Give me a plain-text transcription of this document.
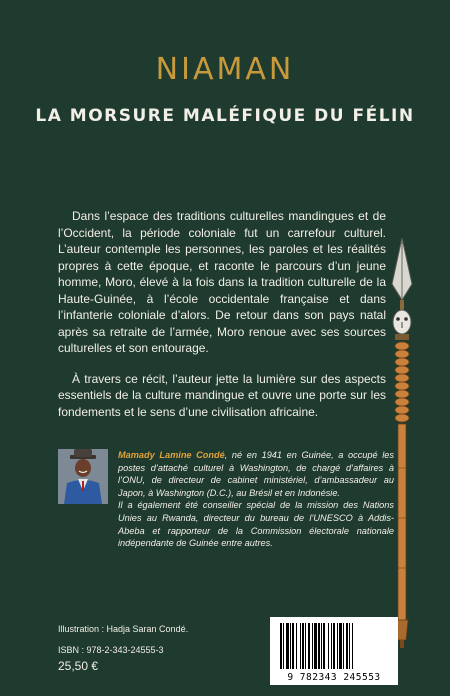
NIAMAN
LA MORSURE MALÉFIQUE DU FÉLIN

Dans l’espace des traditions culturelles mandingues et de l’Occident, la période coloniale fut un carrefour culturel. L’auteur contemple les personnes, les paroles et les réalités propres à cette époque, et raconte le parcours d’un jeune homme, Moro, élevé à la fois dans la tradition culturelle de la Haute-Guinée, à l’école occidentale française et dans l’infanterie coloniale d’alors. De retour dans son pays natal après sa retraite de l’armée, Moro renoue avec ses sources culturelles et son entourage.

À travers ce récit, l’auteur jette la lumière sur des aspects essentiels de la culture mandingue et ouvre une porte sur les fondements et le sens d’une civilisation africaine.

Mamady Lamine Condé, né en 1941 en Guinée, a occupé les postes d’attaché culturel à Washington, de chargé d’affaires à l’ONU, de directeur de cabinet ministériel, d’ambassadeur au Japon, à Washington (D.C.), au Brésil et en Indonésie.
Il a également été conseiller spécial de la mission des Nations Unies au Rwanda, directeur du bureau de l’UNESCO à Addis-Abeba et rapporteur de la Commission électorale nationale indépendante de Guinée entre autres.
Illustration : Hadja Saran Condé.
ISBN : 978-2-343-24555-3
25,50 €
9 782343 245553
